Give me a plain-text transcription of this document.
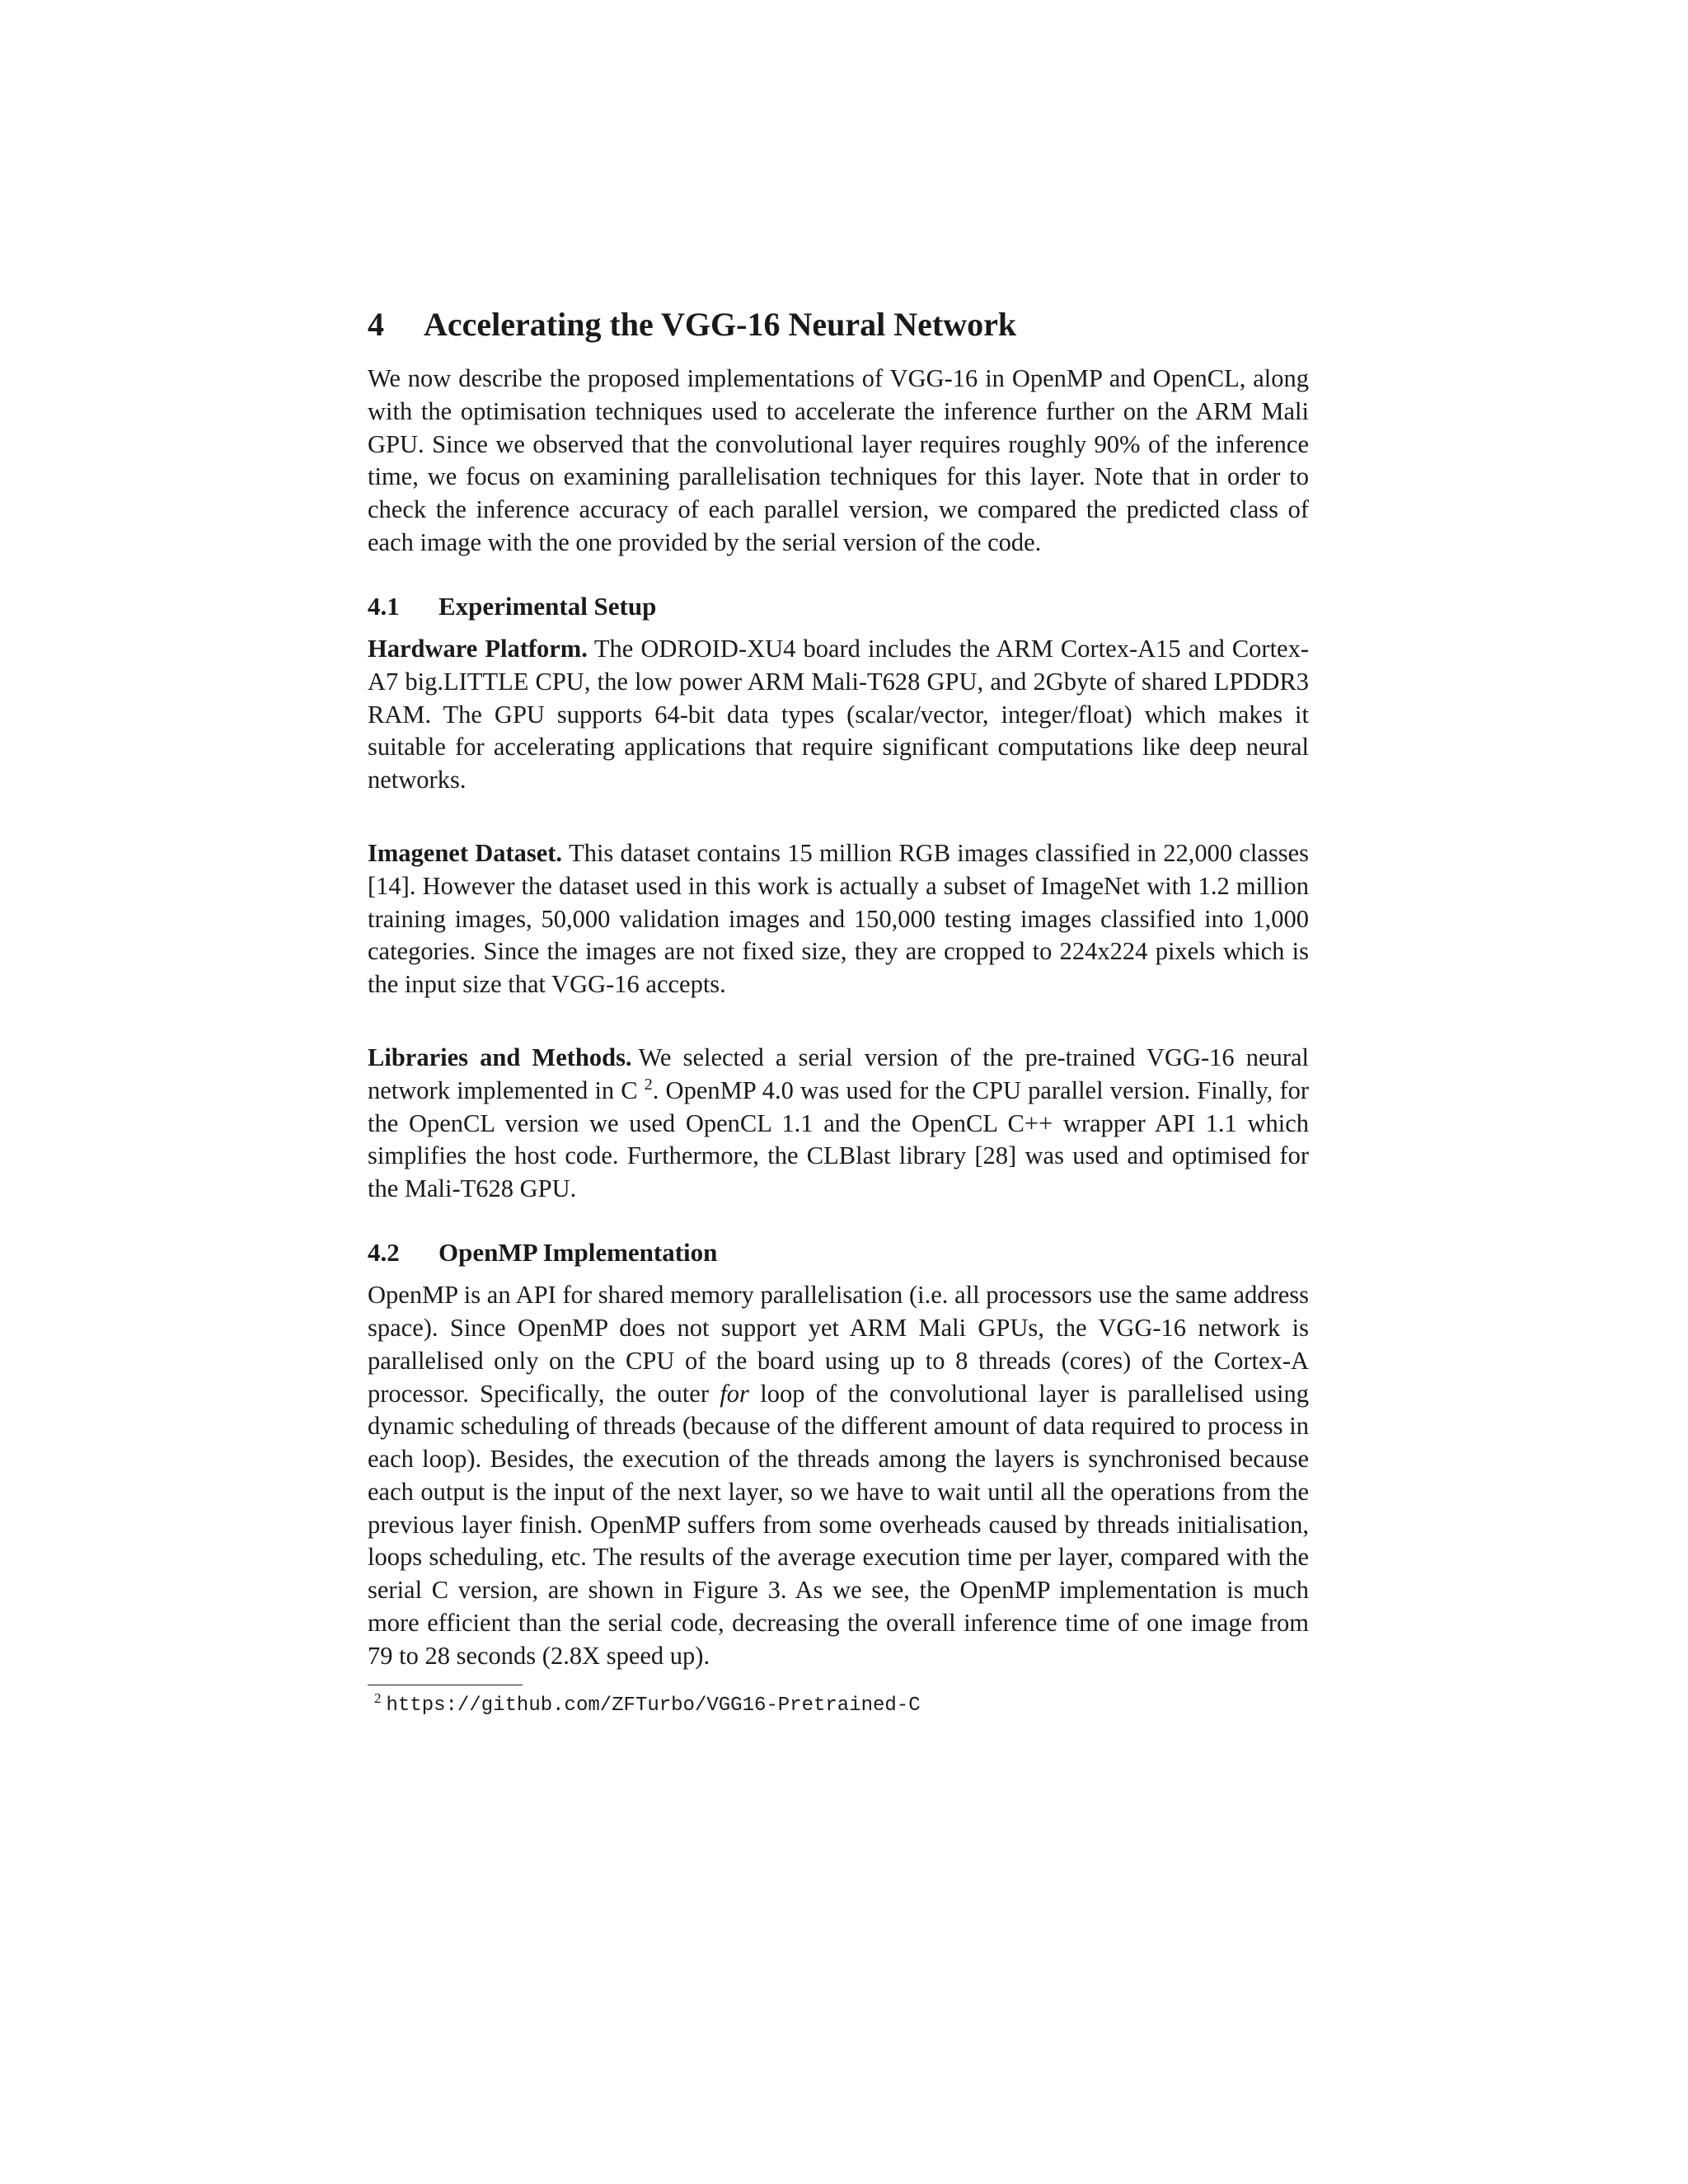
4 Accelerating the VGG-16 Neural Network

We now describe the proposed implementations of VGG-16 in OpenMP and OpenCL, along with the optimisation techniques used to accelerate the inference further on the ARM Mali GPU. Since we observed that the convolutional layer requires roughly 90% of the inference time, we focus on examining parallelisation techniques for this layer. Note that in order to check the inference accuracy of each parallel version, we compared the predicted class of each image with the one provided by the serial version of the code.

4.1 Experimental Setup

Hardware Platform. The ODROID-XU4 board includes the ARM Cortex-A15 and Cortex-A7 big.LITTLE CPU, the low power ARM Mali-T628 GPU, and 2Gbyte of shared LPDDR3 RAM. The GPU supports 64-bit data types (scalar/vector, integer/float) which makes it suitable for accelerating applications that require significant computations like deep neural networks.

Imagenet Dataset. This dataset contains 15 million RGB images classified in 22,000 classes [14]. However the dataset used in this work is actually a subset of ImageNet with 1.2 million training images, 50,000 validation images and 150,000 testing images classified into 1,000 categories. Since the images are not fixed size, they are cropped to 224x224 pixels which is the input size that VGG-16 accepts.

Libraries and Methods. We selected a serial version of the pre-trained VGG-16 neural network implemented in C $^2$. OpenMP 4.0 was used for the CPU parallel version. Finally, for the OpenCL version we used OpenCL 1.1 and the OpenCL C++ wrapper API 1.1 which simplifies the host code. Furthermore, the CLBlast library [28] was used and optimised for the Mali-T628 GPU.

4.2 OpenMP Implementation

OpenMP is an API for shared memory parallelisation (i.e. all processors use the same address space). Since OpenMP does not support yet ARM Mali GPUs, the VGG-16 network is parallelised only on the CPU of the board using up to 8 threads (cores) of the Cortex-A processor. Specifically, the outer for loop of the convolutional layer is parallelised using dynamic scheduling of threads (because of the different amount of data required to process in each loop). Besides, the execution of the threads among the layers is synchronised because each output is the input of the next layer, so we have to wait until all the operations from the previous layer finish. OpenMP suffers from some overheads caused by threads initialisation, loops scheduling, etc. The results of the average execution time per layer, compared with the serial C version, are shown in Figure 3. As we see, the OpenMP implementation is much more efficient than the serial code, decreasing the overall inference time of one image from 79 to 28 seconds (2.8X speed up).

$^2$ https://github.com/ZFTurbo/VGG16-Pretrained-C
